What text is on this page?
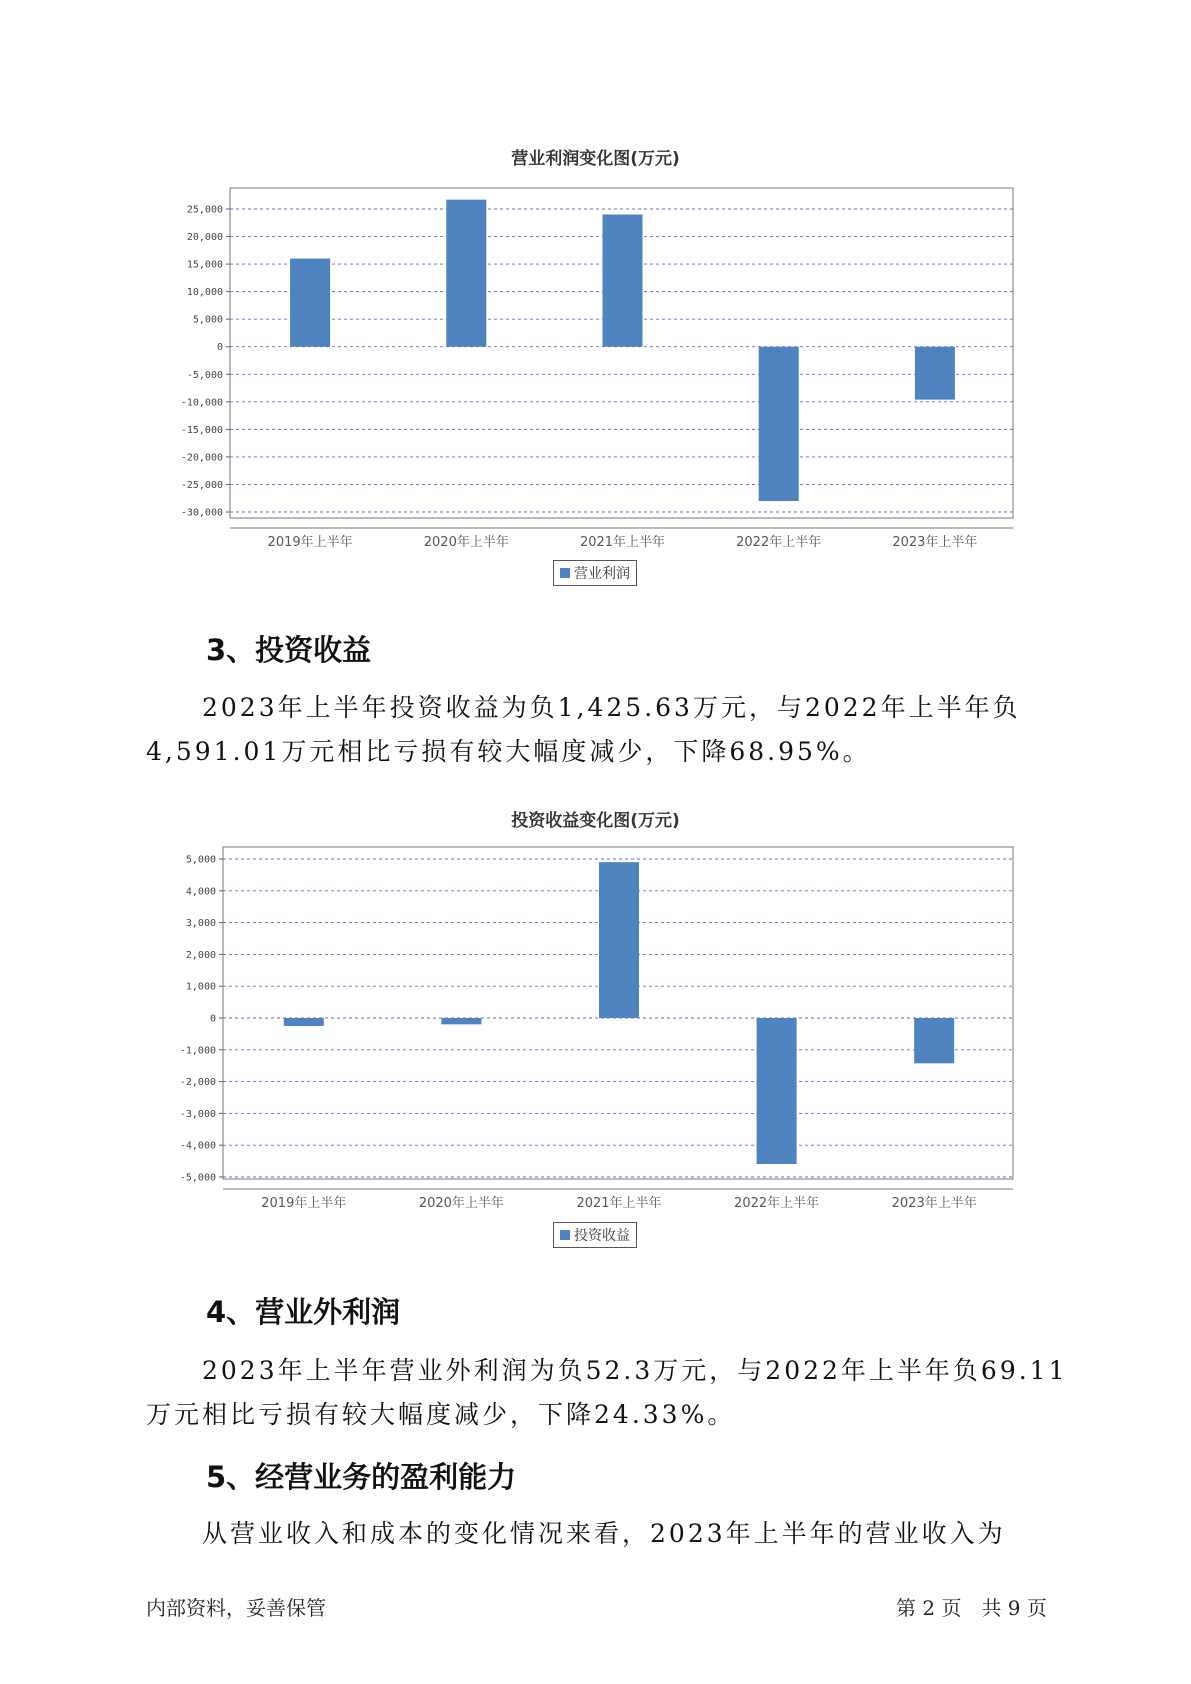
营业利润变化图(万元)
25,000
20,000
15,000
10,000
5,000
0
-5,000
-10,000
-15,000
-20,000
-25,000
-30,000
2019年上半年	2020年上半年	2021年上半年	2022年上半年	2023年上半年
营业利润
3、投资收益

2023年上半年投资收益为负1,425.63万元，与2022年上半年负4,591.01万元相比亏损有较大幅度减少，下降68.95%。

投资收益变化图(万元)
5,000
4,000
3,000
2,000
1,000
0
-1,000
-2,000
-3,000
-4,000
-5,000
2019年上半年	2020年上半年	2021年上半年	2022年上半年	2023年上半年
投资收益
4、营业外利润

2023年上半年营业外利润为负52.3万元，与2022年上半年负69.11万元相比亏损有较大幅度减少，下降24.33%。

5、经营业务的盈利能力

从营业收入和成本的变化情况来看，2023年上半年的营业收入为

内部资料，妥善保管	第 2 页　共 9 页
